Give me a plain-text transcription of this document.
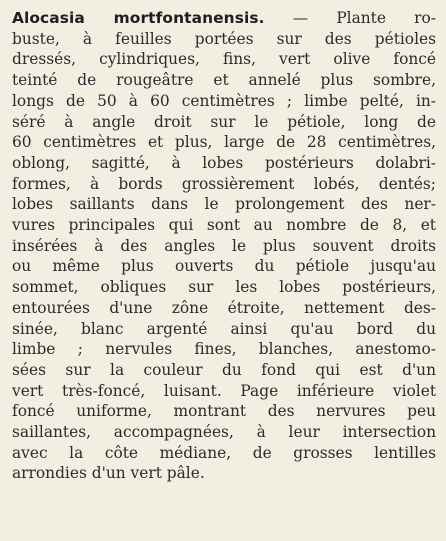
Alocasia mortfontanensis. — Plante ro-
buste, à feuilles portées sur des pétioles
dressés, cylindriques, fins, vert olive foncé
teinté de rougeâtre et annelé plus sombre,
longs de 50 à 60 centimètres ; limbe pelté, in-
séré à angle droit sur le pétiole, long de
60 centimètres et plus, large de 28 centimètres,
oblong, sagitté, à lobes postérieurs dolabri-
formes, à bords grossièrement lobés, dentés;
lobes saillants dans le prolongement des ner-
vures principales qui sont au nombre de 8, et
insérées à des angles le plus souvent droits
ou même plus ouverts du pétiole jusqu'au
sommet, obliques sur les lobes postérieurs,
entourées d'une zône étroite, nettement des-
sinée, blanc argenté ainsi qu'au bord du
limbe ; nervules fines, blanches, anestomo-
sées sur la couleur du fond qui est d'un
vert très-foncé, luisant. Page inférieure violet
foncé uniforme, montrant des nervures peu
saillantes, accompagnées, à leur intersection
avec la côte médiane, de grosses lentilles
arrondies d'un vert pâle.
